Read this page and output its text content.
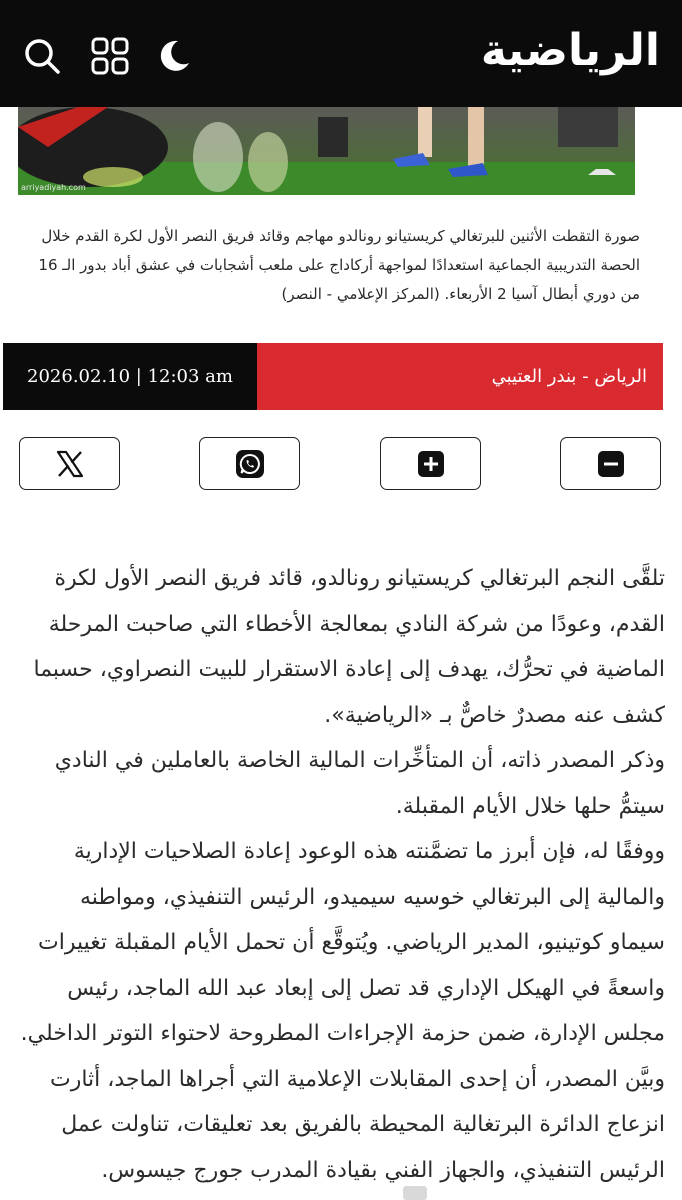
الرياضية
arriyadiyah.com
صورة التقطت الأثنين للبرتغالي كريستيانو رونالدو مهاجم وقائد فريق النصر الأول لكرة القدم خلال الحصة التدريبية الجماعية استعدادًا لمواجهة أركاداج على ملعب أشجابات في عشق أباد بدور الـ 16 من دوري أبطال آسيا 2 الأربعاء. (المركز الإعلامي - النصر)
الرياض - بندر العتيبي
2026.02.10 | 12:03 am

تلقَّى النجم البرتغالي كريستيانو رونالدو، قائد فريق النصر الأول لكرة القدم، وعودًا من شركة النادي بمعالجة الأخطاء التي صاحبت المرحلة الماضية في تحرُّك، يهدف إلى إعادة الاستقرار للبيت النصراوي، حسبما كشف عنه مصدرٌ خاصٌّ بـ «الرياضية».

وذكر المصدر ذاته، أن المتأخِّرات المالية الخاصة بالعاملين في النادي سيتمُّ حلها خلال الأيام المقبلة.

ووفقًا له، فإن أبرز ما تضمَّنته هذه الوعود إعادة الصلاحيات الإدارية والمالية إلى البرتغالي خوسيه سيميدو، الرئيس التنفيذي، ومواطنه سيماو كوتينيو، المدير الرياضي. ويُتوقَّع أن تحمل الأيام المقبلة تغييرات واسعةً في الهيكل الإداري قد تصل إلى إبعاد عبد الله الماجد، رئيس مجلس الإدارة، ضمن حزمة الإجراءات المطروحة لاحتواء التوتر الداخلي. وبيَّن المصدر، أن إحدى المقابلات الإعلامية التي أجراها الماجد، أثارت انزعاج الدائرة البرتغالية المحيطة بالفريق بعد تعليقات، تناولت عمل الرئيس التنفيذي، والجهاز الفني بقيادة المدرب جورج جيسوس.
